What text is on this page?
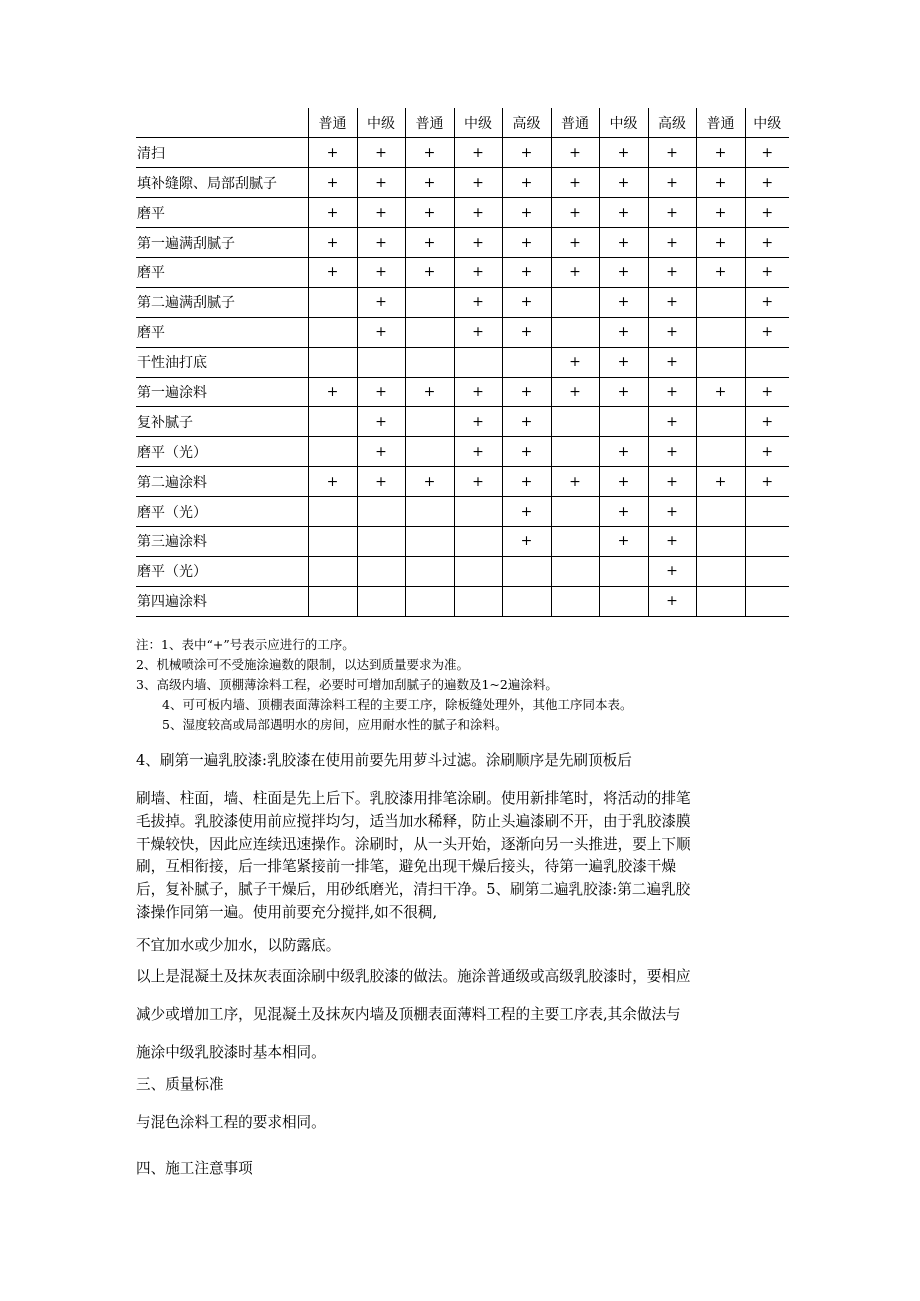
	普通	中级	普通	中级	高级	普通	中级	高级	普通	中级
清扫	+	+	+	+	+	+	+	+	+	+
填补缝隙、局部刮腻子	+	+	+	+	+	+	+	+	+	+
磨平	+	+	+	+	+	+	+	+	+	+
第一遍满刮腻子	+	+	+	+	+	+	+	+	+	+
磨平	+	+	+	+	+	+	+	+	+	+
第二遍满刮腻子		+		+	+		+	+		+
磨平		+		+	+		+	+		+
干性油打底						+	+	+		
第一遍涂料	+	+	+	+	+	+	+	+	+	+
复补腻子		+		+	+			+		+
磨平（光）		+		+	+		+	+		+
第二遍涂料	+	+	+	+	+	+	+	+	+	+
磨平（光）					+		+	+		
第三遍涂料					+		+	+		
磨平（光）								+		
第四遍涂料								+		
注：1、表中“+”号表示应进行的工序。
2、机械喷涂可不受施涂遍数的限制，以达到质量要求为准。
3、高级内墙、顶棚薄涂料工程，必要时可增加刮腻子的遍数及1~2遍涂料。
4、可可板内墙、顶棚表面薄涂料工程的主要工序，除板缝处理外，其他工序同本表。
5、湿度较高或局部遇明水的房间，应用耐水性的腻子和涂料。
4、刷第一遍乳胶漆:乳胶漆在使用前要先用萝斗过滤。涂刷顺序是先刷顶板后
刷墙、柱面，墙、柱面是先上后下。乳胶漆用排笔涂刷。使用新排笔时，将活动的排笔
毛拔掉。乳胶漆使用前应搅拌均匀，适当加水稀释，防止头遍漆刷不开，由于乳胶漆膜
干燥较快，因此应连续迅速操作。涂刷时，从一头开始，逐渐向另一头推进，要上下顺
刷，互相衔接，后一排笔紧接前一排笔，避免出现干燥后接头，待第一遍乳胶漆干燥
后，复补腻子，腻子干燥后，用砂纸磨光，清扫干净。5、刷第二遍乳胶漆:第二遍乳胶
漆操作同第一遍。使用前要充分搅拌,如不很稠,
不宜加水或少加水，以防露底。
以上是混凝土及抹灰表面涂刷中级乳胶漆的做法。施涂普通级或高级乳胶漆时，要相应
减少或增加工序，见混凝土及抹灰内墙及顶棚表面薄料工程的主要工序表,其余做法与
施涂中级乳胶漆时基本相同。
三、质量标准
与混色涂料工程的要求相同。
四、施工注意事项
